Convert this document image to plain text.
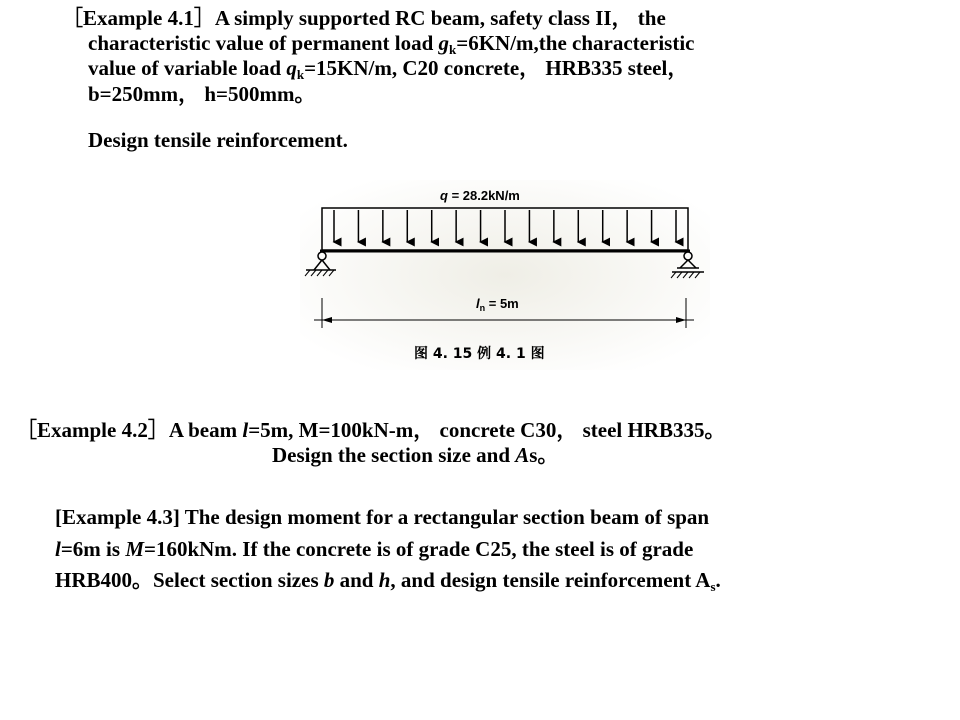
［Example 4.1］A simply supported RC beam, safety class II， the
characteristic value of permanent load $g_k=6KN/m,the$ characteristic
value of variable load $q_k=15KN/m$, C20 concrete， HRB335 steel，
b=250mm， h=500mm。
Design tensile reinforcement.
q = 28.2kN/m
$l_n = 5m$
图 4. 15 例 4. 1 图
［Example 4.2］A beam l=5m, M=100kN-m， concrete C30， steel HRB335。
Design the section size and As。
[Example 4.3] The design moment for a rectangular section beam of span
l=6m is M=160kNm. If the concrete is of grade C25, the steel is of grade
HRB400。Select section sizes b and h, and design tensile reinforcement $A_s$.
